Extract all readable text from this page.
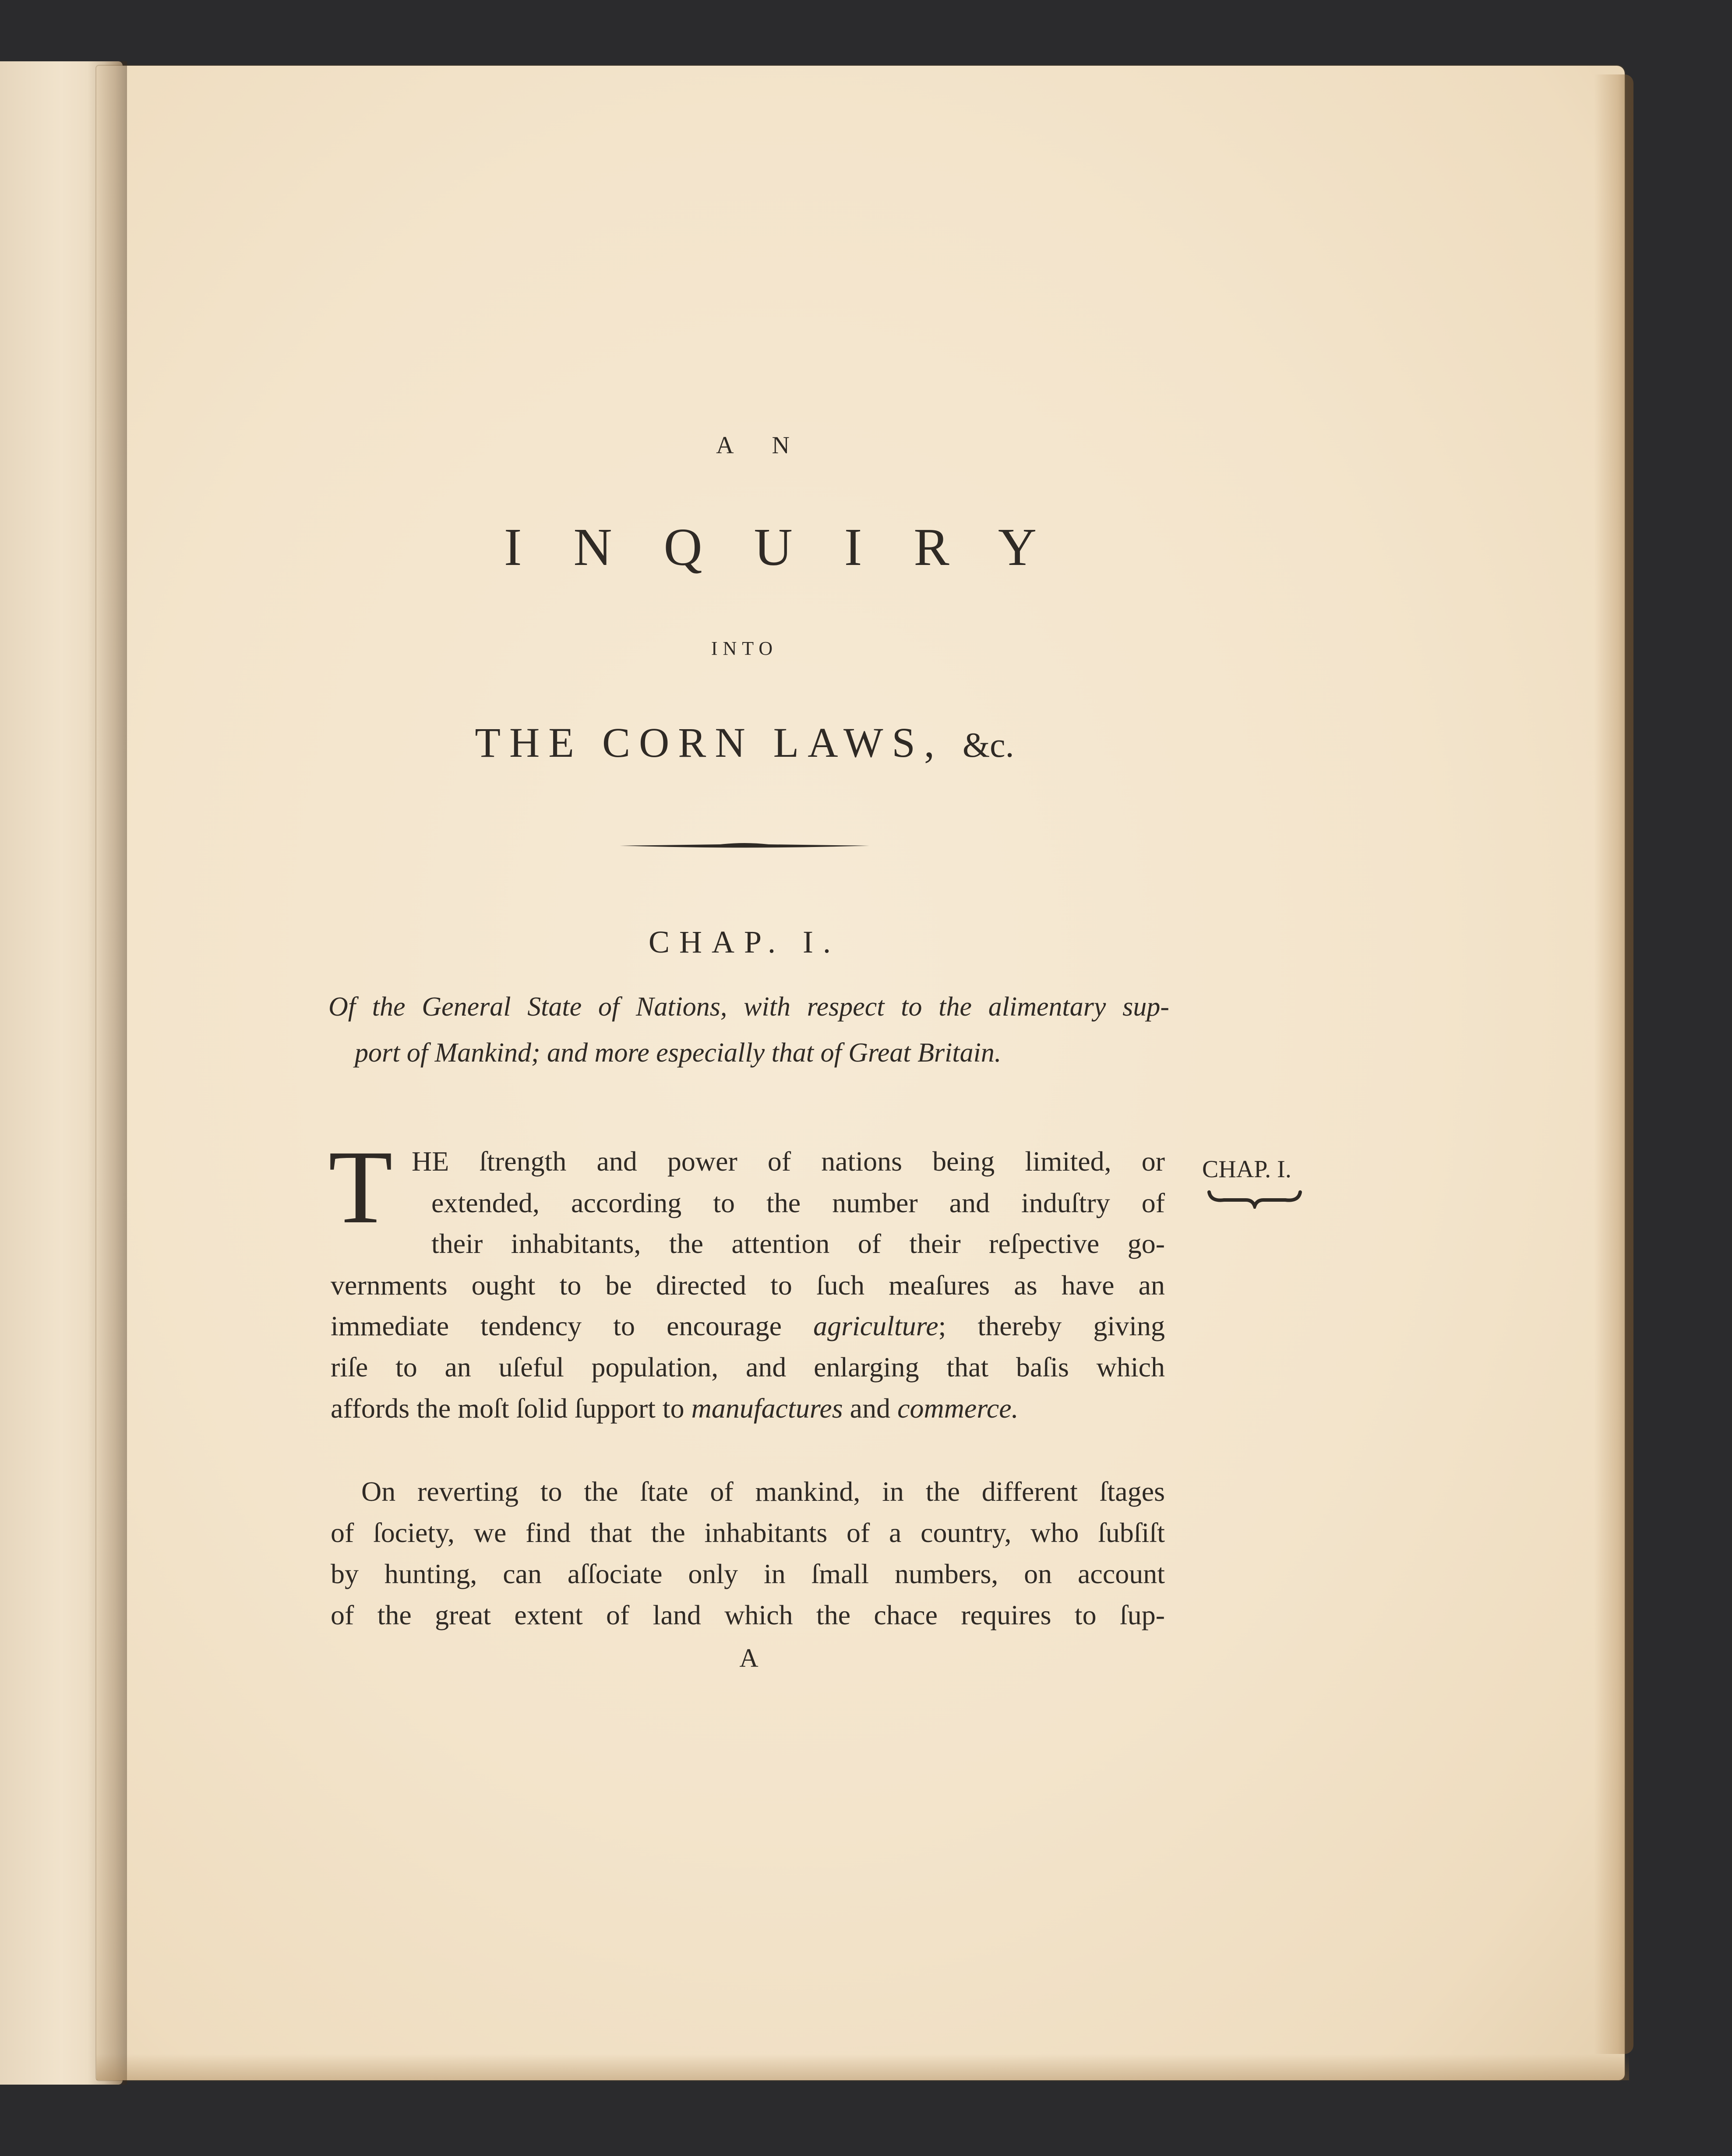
A N
INQUIRY
INTO
THE CORN LAWS, &c.
CHAP. I.
Of the General State of Nations, with respect to the alimentary sup-
port of Mankind; and more especially that of Great Britain.
T HE ſtrength and power of nations being limited, or
extended, according to the number and induſtry of
their inhabitants, the attention of their reſpective go-
vernments ought to be directed to ſuch meaſures as have an
immediate tendency to encourage agriculture; thereby giving
riſe to an uſeful population, and enlarging that baſis which
affords the moſt ſolid ſupport to manufactures and commerce.
On reverting to the ſtate of mankind, in the different ſtages
of ſociety, we find that the inhabitants of a country, who ſubſiſt
by hunting, can aſſociate only in ſmall numbers, on account
of the great extent of land which the chace requires to ſup-
A
CHAP. I.
